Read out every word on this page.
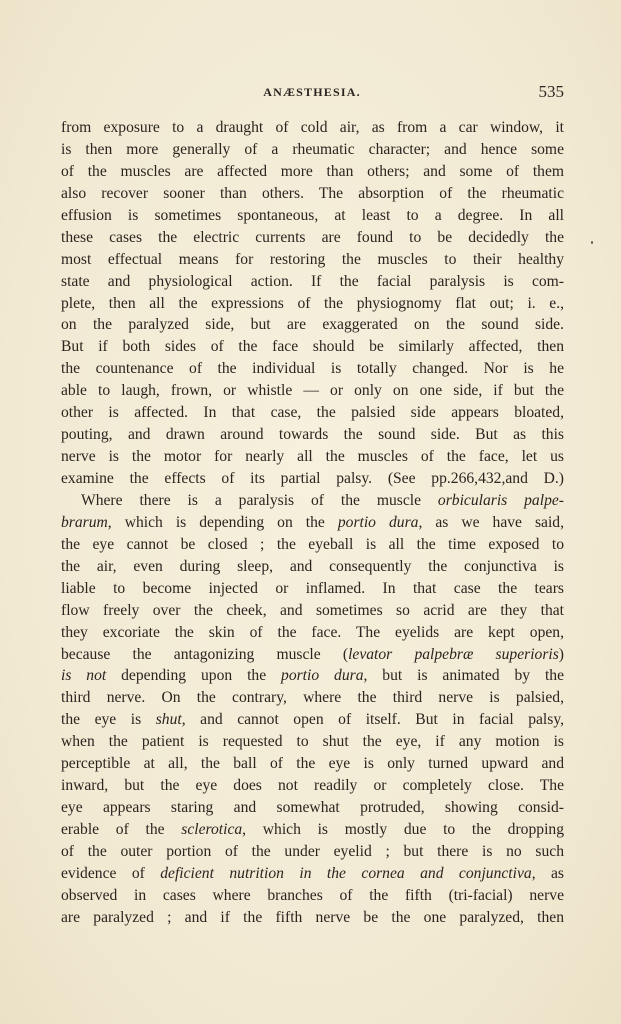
ANÆSTHESIA.	535
from exposure to a draught of cold air, as from a car window, it
is then more generally of a rheumatic character; and hence some
of the muscles are affected more than others; and some of them
also recover sooner than others. The absorption of the rheumatic
effusion is sometimes spontaneous, at least to a degree. In all
these cases the electric currents are found to be decidedly the
most effectual means for restoring the muscles to their healthy
state and physiological action. If the facial paralysis is com-
plete, then all the expressions of the physiognomy flat out; i. e.,
on the paralyzed side, but are exaggerated on the sound side.
But if both sides of the face should be similarly affected, then
the countenance of the individual is totally changed. Nor is he
able to laugh, frown, or whistle — or only on one side, if but the
other is affected. In that case, the palsied side appears bloated,
pouting, and drawn around towards the sound side. But as this
nerve is the motor for nearly all the muscles of the face, let us
examine the effects of its partial palsy. (See pp.266,432,and D.)
Where there is a paralysis of the muscle orbicularis palpe-
brarum, which is depending on the portio dura, as we have said,
the eye cannot be closed ; the eyeball is all the time exposed to
the air, even during sleep, and consequently the conjunctiva is
liable to become injected or inflamed. In that case the tears
flow freely over the cheek, and sometimes so acrid are they that
they excoriate the skin of the face. The eyelids are kept open,
because the antagonizing muscle (levator palpebræ superioris)
is not depending upon the portio dura, but is animated by the
third nerve. On the contrary, where the third nerve is palsied,
the eye is shut, and cannot open of itself. But in facial palsy,
when the patient is requested to shut the eye, if any motion is
perceptible at all, the ball of the eye is only turned upward and
inward, but the eye does not readily or completely close. The
eye appears staring and somewhat protruded, showing consid-
erable of the sclerotica, which is mostly due to the dropping
of the outer portion of the under eyelid ; but there is no such
evidence of deficient nutrition in the cornea and conjunctiva, as
observed in cases where branches of the fifth (tri-facial) nerve
are paralyzed ; and if the fifth nerve be the one paralyzed, then
